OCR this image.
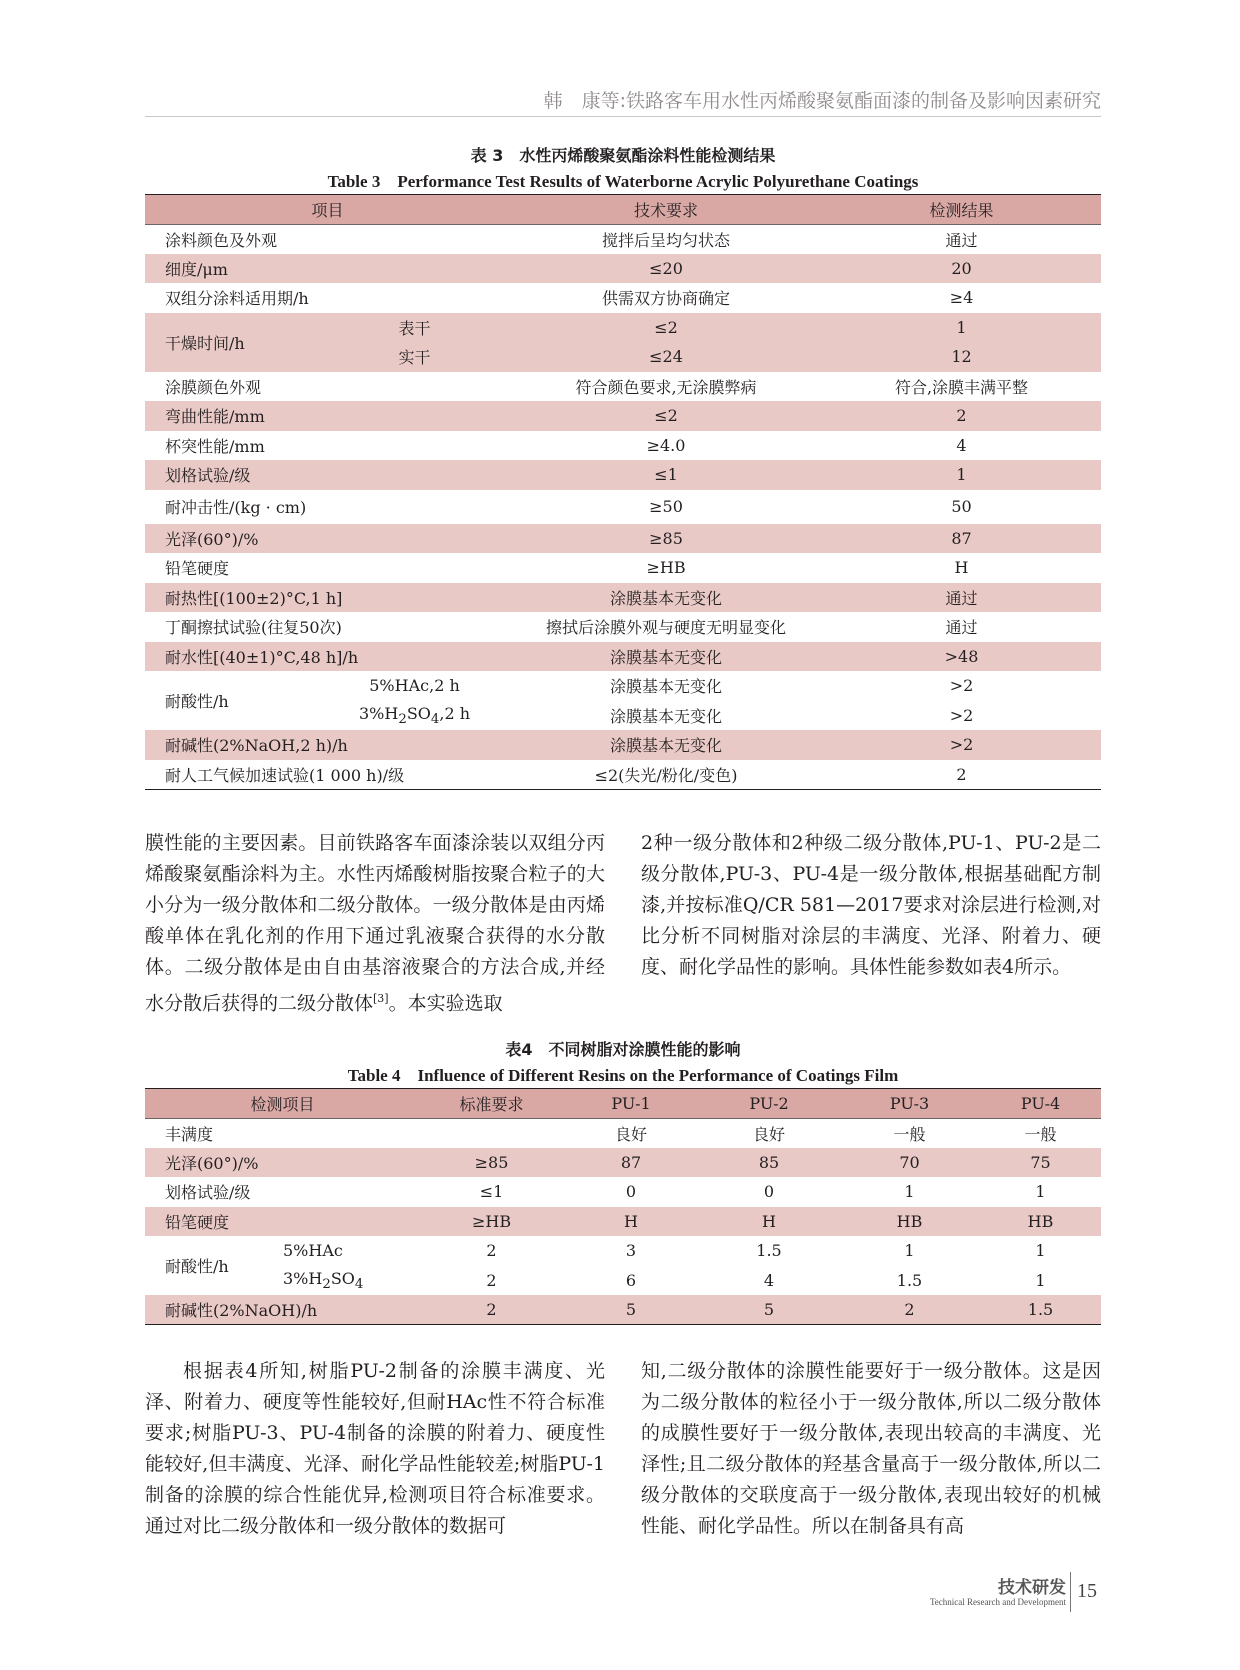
韩　康等:铁路客车用水性丙烯酸聚氨酯面漆的制备及影响因素研究
表 3　水性丙烯酸聚氨酯涂料性能检测结果
Table 3　Performance Test Results of Waterborne Acrylic Polyurethane Coatings
项目		技术要求	检测结果
涂料颜色及外观		搅拌后呈均匀状态	通过
细度/μm		≤20	20
双组分涂料适用期/h		供需双方协商确定	≥4
干燥时间/h	表干	≤2	1
	实干	≤24	12
涂膜颜色外观		符合颜色要求,无涂膜弊病	符合,涂膜丰满平整
弯曲性能/mm		≤2	2
杯突性能/mm		≥4.0	4
划格试验/级		≤1	1
耐冲击性/(kg · cm)		≥50	50
光泽(60°)/%		≥85	87
铅笔硬度		≥HB	H
耐热性[(100±2)°C,1 h]		涂膜基本无变化	通过
丁酮擦拭试验(往复50次)		擦拭后涂膜外观与硬度无明显变化	通过
耐水性[(40±1)°C,48 h]/h		涂膜基本无变化	>48
耐酸性/h	5%HAc,2 h	涂膜基本无变化	>2
	$3\%H_2SO_4,2$ h	涂膜基本无变化	>2
耐碱性(2%NaOH,2 h)/h		涂膜基本无变化	>2
耐人工气候加速试验(1 000 h)/级		≤2(失光/粉化/变色)	2
膜性能的主要因素。目前铁路客车面漆涂装以双组分丙烯酸聚氨酯涂料为主。水性丙烯酸树脂按聚合粒子的大小分为一级分散体和二级分散体。一级分散体是由丙烯酸单体在乳化剂的作用下通过乳液聚合获得的水分散体。二级分散体是由自由基溶液聚合的方法合成,并经水分散后获得的二级分散体[3]。本实验选取
2种一级分散体和2种级二级分散体,PU-1、PU-2是二级分散体,PU-3、PU-4是一级分散体,根据基础配方制漆,并按标准Q/CR 581—2017要求对涂层进行检测,对比分析不同树脂对涂层的丰满度、光泽、附着力、硬度、耐化学品性的影响。具体性能参数如表4所示。
表4　不同树脂对涂膜性能的影响
Table 4　Influence of Different Resins on the Performance of Coatings Film
检测项目		标准要求	PU-1	PU-2	PU-3	PU-4
丰满度			良好	良好	一般	一般
光泽(60°)/%		≥85	87	85	70	75
划格试验/级		≤1	0	0	1	1
铅笔硬度		≥HB	H	H	HB	HB
耐酸性/h	5%HAc	2	3	1.5	1	1
	$3\%H_2SO_4$	2	6	4	1.5	1
耐碱性(2%NaOH)/h		2	5	5	2	1.5
根据表4所知,树脂PU-2制备的涂膜丰满度、光泽、附着力、硬度等性能较好,但耐HAc性不符合标准要求;树脂PU-3、PU-4制备的涂膜的附着力、硬度性能较好,但丰满度、光泽、耐化学品性能较差;树脂PU-1制备的涂膜的综合性能优异,检测项目符合标准要求。通过对比二级分散体和一级分散体的数据可
知,二级分散体的涂膜性能要好于一级分散体。这是因为二级分散体的粒径小于一级分散体,所以二级分散体的成膜性要好于一级分散体,表现出较高的丰满度、光泽性;且二级分散体的羟基含量高于一级分散体,所以二级分散体的交联度高于一级分散体,表现出较好的机械性能、耐化学品性。所以在制备具有高
技术研发
Technical Research and Development 15
